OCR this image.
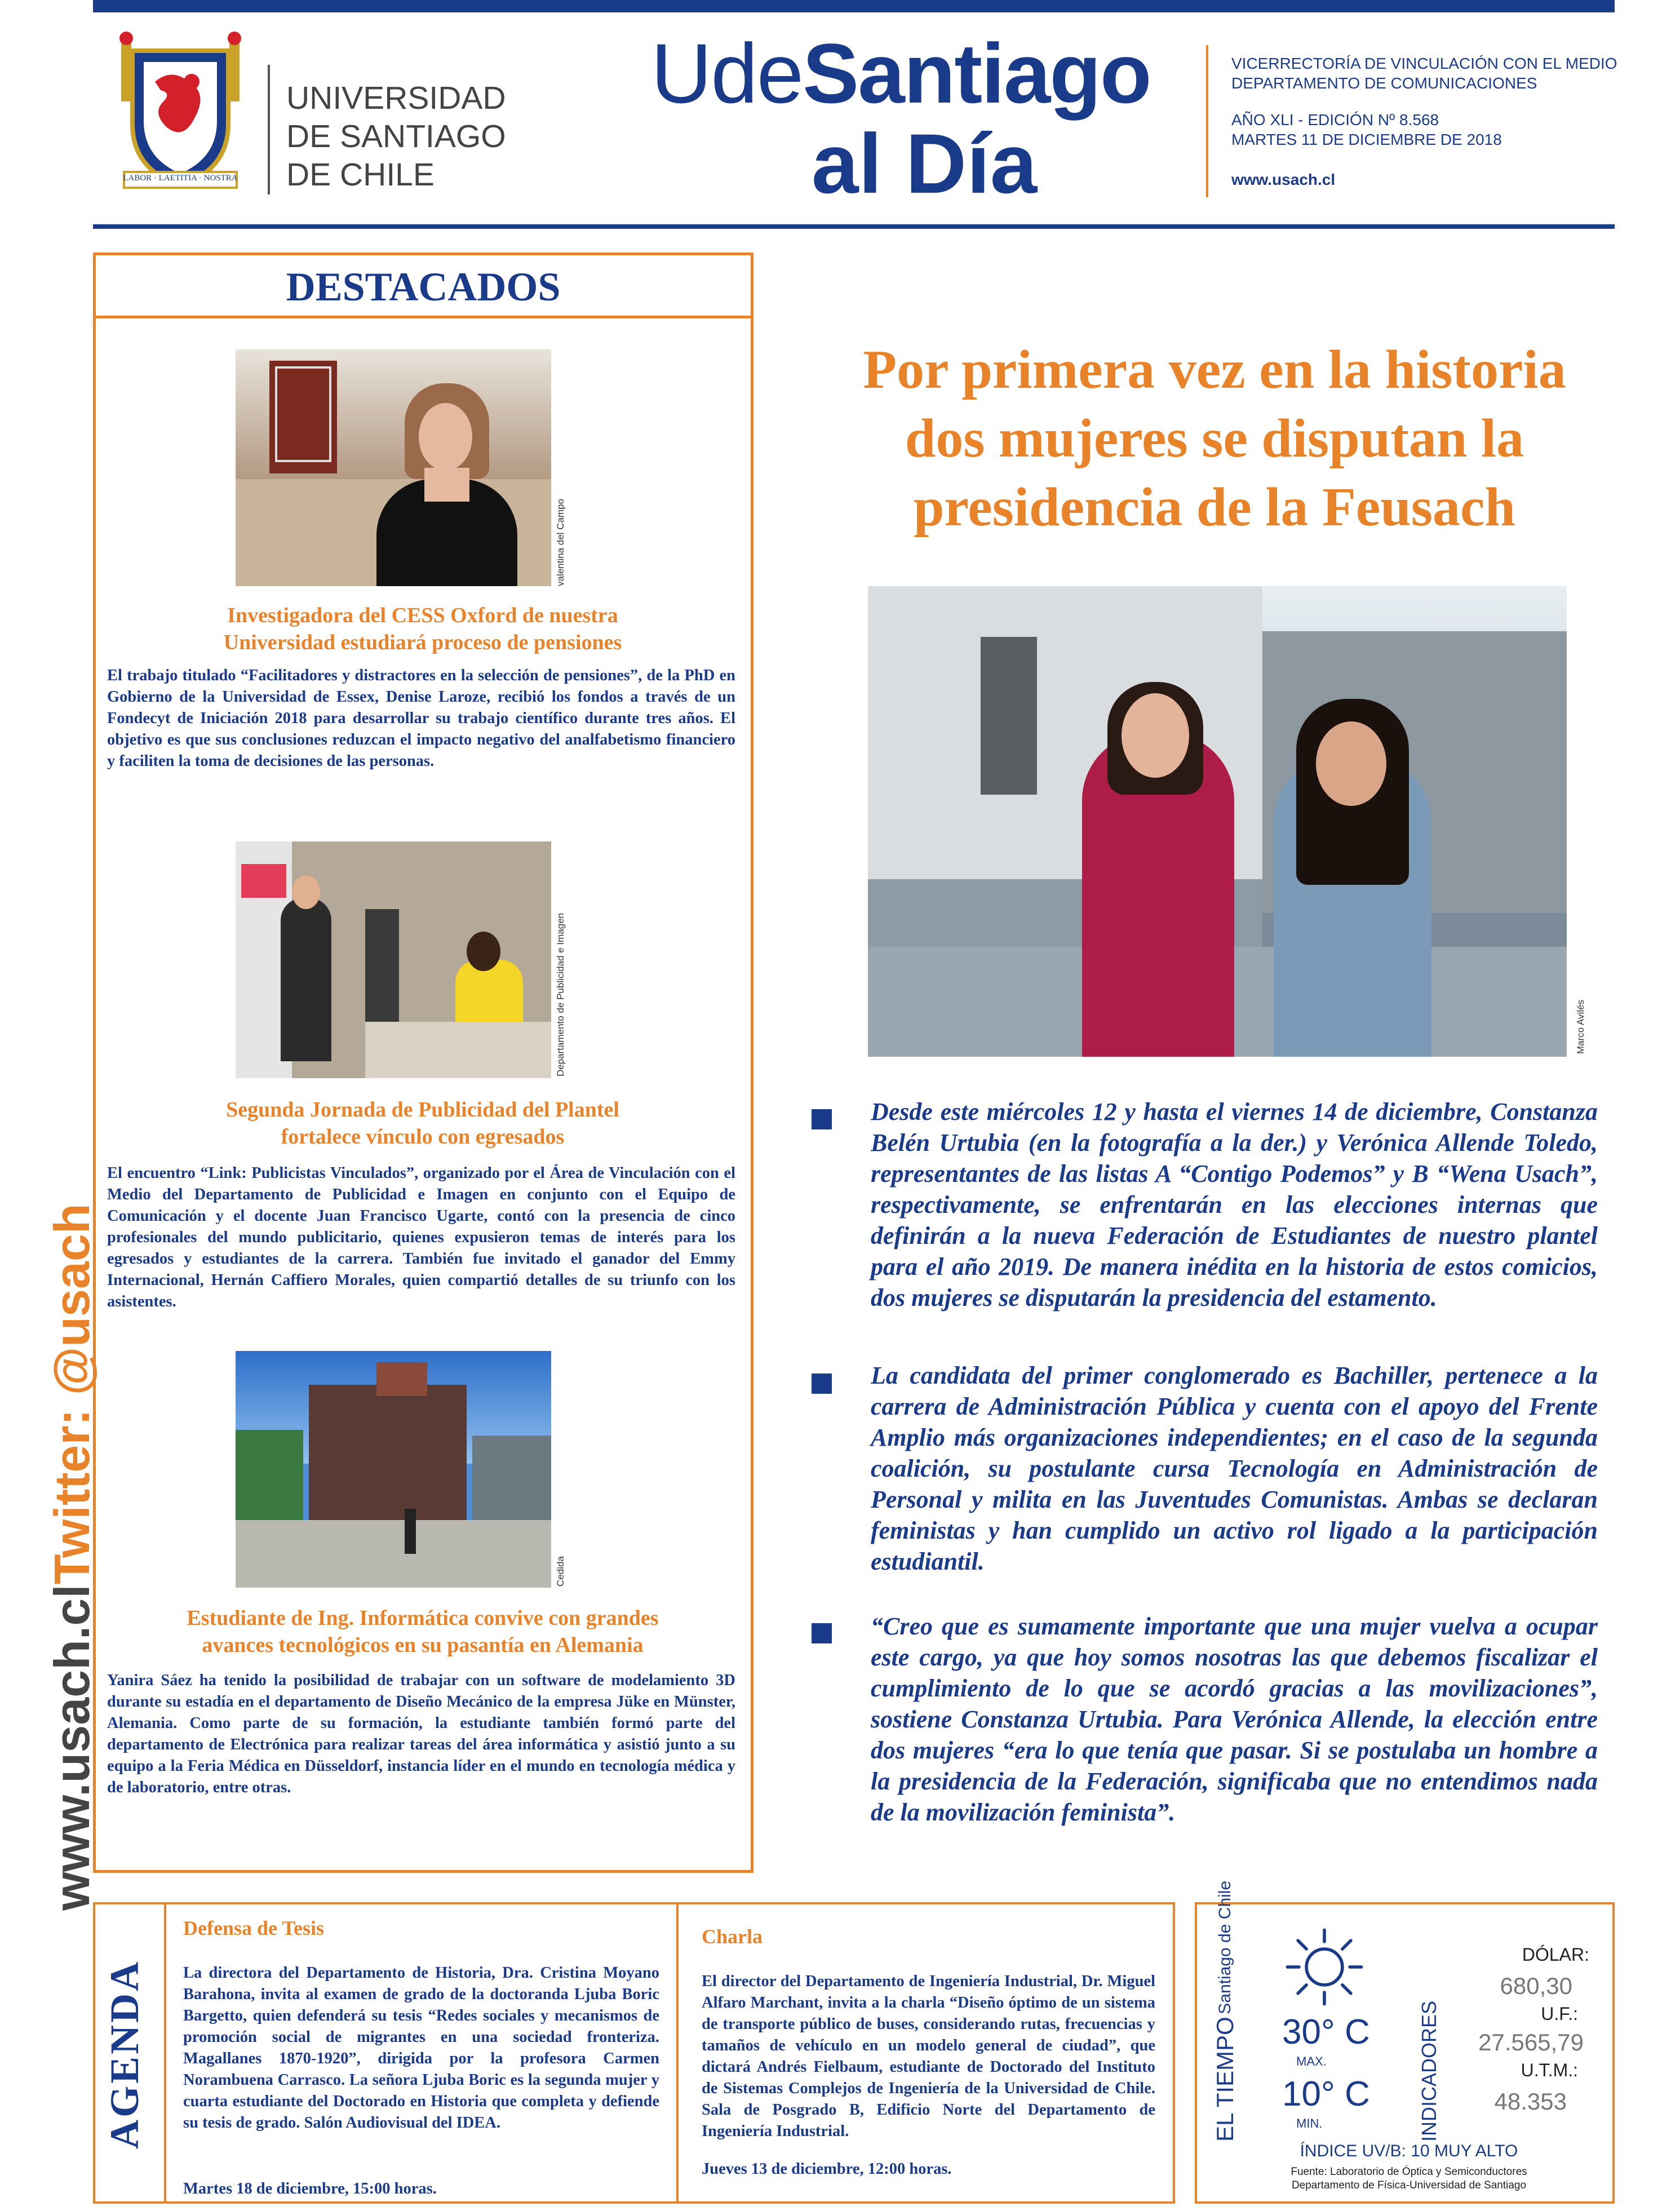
LABOR · LAETITIA · NOSTRA
UNIVERSIDAD
DE SANTIAGO
DE CHILE
UdeSantiago
al Día
VICERRECTORÍA DE VINCULACIÓN CON EL MEDIO
DEPARTAMENTO DE COMUNICACIONES
AÑO XLI - EDICIÓN Nº 8.568
MARTES 11 DE DICIEMBRE DE 2018
www.usach.cl
www.usach.clTwitter: @usach
DESTACADOS
valentina del Campo
Investigadora del CESS Oxford de nuestra
Universidad estudiará proceso de pensiones
El trabajo titulado “Facilitadores y distractores en la selección de pensiones”, de la PhD en Gobierno de la Universidad de Essex, Denise Laroze, recibió los fondos a través de un Fondecyt de Iniciación 2018 para desarrollar su trabajo científico durante tres años. El objetivo es que sus conclusiones reduzcan el impacto negativo del analfabetismo financiero y faciliten la toma de decisiones de las personas.
Departamento de Publicidad e Imagen
Segunda Jornada de Publicidad del Plantel
fortalece vínculo con egresados
El encuentro “Link: Publicistas Vinculados”, organizado por el Área de Vinculación con el Medio del Departamento de Publicidad e Imagen en conjunto con el Equipo de Comunicación y el docente Juan Francisco Ugarte, contó con la presencia de cinco profesionales del mundo publicitario, quienes expusieron temas de interés para los egresados y estudiantes de la carrera. También fue invitado el ganador del Emmy Internacional, Hernán Caffiero Morales, quien compartió detalles de su triunfo con los asistentes.
Cedida
Estudiante de Ing. Informática convive con grandes
avances tecnológicos en su pasantía en Alemania
Yanira Sáez ha tenido la posibilidad de trabajar con un software de modelamiento 3D durante su estadía en el departamento de Diseño Mecánico de la empresa Jüke en Münster, Alemania. Como parte de su formación, la estudiante también formó parte del departamento de Electrónica para realizar tareas del área informática y asistió junto a su equipo a la Feria Médica en Düsseldorf, instancia líder en el mundo en tecnología médica y de laboratorio, entre otras.
Por primera vez en la historia
dos mujeres se disputan la
presidencia de la Feusach
Marco Avilés
Desde este miércoles 12 y hasta el viernes 14 de diciembre, Constanza Belén Urtubia (en la fotografía a la der.) y Verónica Allende Toledo, representantes de las listas A “Contigo Podemos” y B “Wena Usach”, respectivamente, se enfrentarán en las elecciones internas que definirán a la nueva Federación de Estudiantes de nuestro plantel para el año 2019. De manera inédita en la historia de estos comicios, dos mujeres se disputarán la presidencia del estamento.
La candidata del primer conglomerado es Bachiller, pertenece a la carrera de Administración Pública y cuenta con el apoyo del Frente Amplio más organizaciones independientes; en el caso de la segunda coalición, su postulante cursa Tecnología en Administración de Personal y milita en las Juventudes Comunistas. Ambas se declaran feministas y han cumplido un activo rol ligado a la participación estudiantil.
“Creo que es sumamente importante que una mujer vuelva a ocupar este cargo, ya que hoy somos nosotras las que debemos fiscalizar el cumplimiento de lo que se acordó gracias a las movilizaciones”, sostiene Constanza Urtubia. Para Verónica Allende, la elección entre dos mujeres “era lo que tenía que pasar. Si se postulaba un hombre a la presidencia de la Federación, significaba que no entendimos nada de la movilización feminista”.
AGENDA
Defensa de Tesis
La directora del Departamento de Historia, Dra. Cristina Moyano Barahona, invita al examen de grado de la doctoranda Ljuba Boric Bargetto, quien defenderá su tesis “Redes sociales y mecanismos de promoción social de migrantes en una sociedad fronteriza. Magallanes 1870-1920”, dirigida por la profesora Carmen Norambuena Carrasco. La señora Ljuba Boric es la segunda mujer y cuarta estudiante del Doctorado en Historia que completa y defiende su tesis de grado. Salón Audiovisual del IDEA.
Martes 18 de diciembre, 15:00 horas.
Charla
El director del Departamento de Ingeniería Industrial, Dr. Miguel Alfaro Marchant, invita a la charla “Diseño óptimo de un sistema de transporte público de buses, considerando rutas, frecuencias y tamaños de vehículo en un modelo general de ciudad”, que dictará Andrés Fielbaum, estudiante de Doctorado del Instituto de Sistemas Complejos de Ingeniería de la Universidad de Chile. Sala de Posgrado B, Edificio Norte del Departamento de Ingeniería Industrial.
Jueves 13 de diciembre, 12:00 horas.
EL TIEMPO Santiago de Chile
30° C
MAX.
10° C
MIN.	INDICADORES
DÓLAR:
680,30
U.F.:
27.565,79
U.T.M.:
48.353
ÍNDICE UV/B: 10 MUY ALTO
Fuente: Laboratorio de Óptica y Semiconductores
Departamento de Física-Universidad de Santiago
